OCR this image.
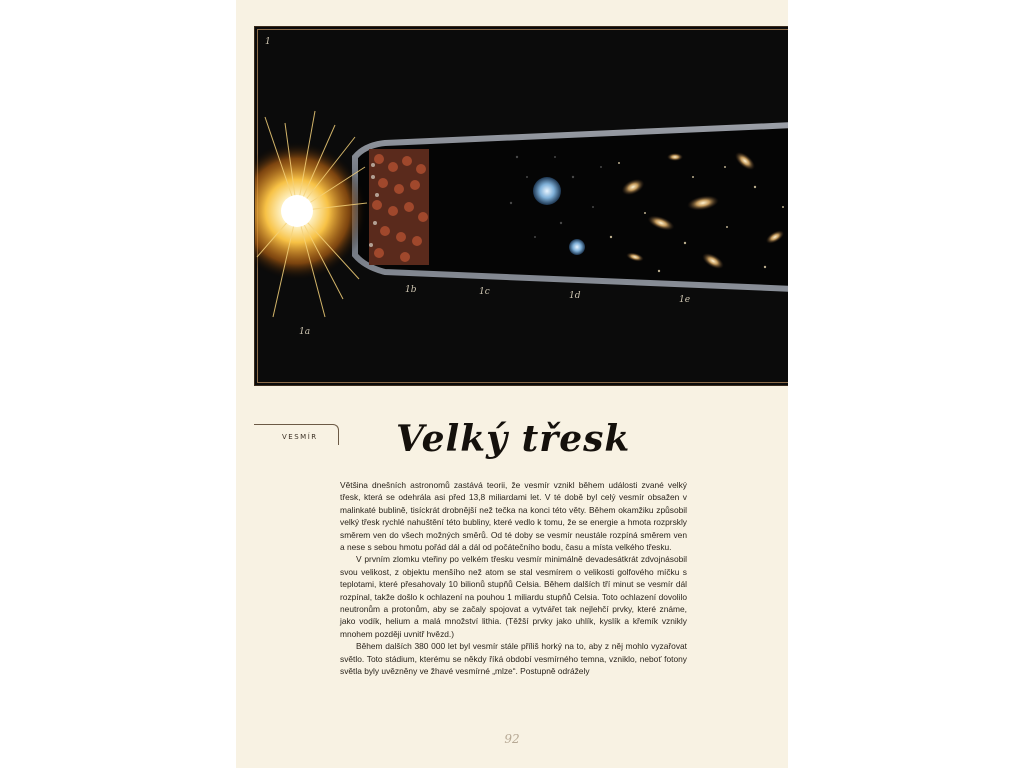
1
1a
1b	1c	1d	1e
VESMÍR Velký třesk

Většina dnešních astronomů zastává teorii, že vesmír vznikl během události zvané velký třesk, která se odehrála asi před 13,8 miliardami let. V té době byl celý vesmír obsažen v malinkaté bublině, tisíckrát drobnější než tečka na konci této věty. Během okamžiku způsobil velký třesk rychlé nahuštění této bubliny, které vedlo k tomu, že se energie a hmota rozprskly směrem ven do všech možných směrů. Od té doby se vesmír neustále rozpíná směrem ven a nese s sebou hmotu pořád dál a dál od počátečního bodu, času a místa velkého třesku.

V prvním zlomku vteřiny po velkém třesku vesmír minimálně devadesátkrát zdvojnásobil svou velikost, z objektu menšího než atom se stal vesmírem o velikosti golfového míčku s teplotami, které přesahovaly 10 bilionů stupňů Celsia. Během dalších tří minut se vesmír dál rozpínal, takže došlo k ochlazení na pouhou 1 miliardu stupňů Celsia. Toto ochlazení dovolilo neutronům a protonům, aby se začaly spojovat a vytvářet tak nejlehčí prvky, které známe, jako vodík, helium a malá množství lithia. (Těžší prvky jako uhlík, kyslík a křemík vznikly mnohem později uvnitř hvězd.)

Během dalších 380 000 let byl vesmír stále příliš horký na to, aby z něj mohlo vyzařovat světlo. Toto stádium, kterému se někdy říká období vesmírného temna, vzniklo, neboť fotony světla byly uvězněny ve žhavé vesmírné „mlze“. Postupně odrážely

92
